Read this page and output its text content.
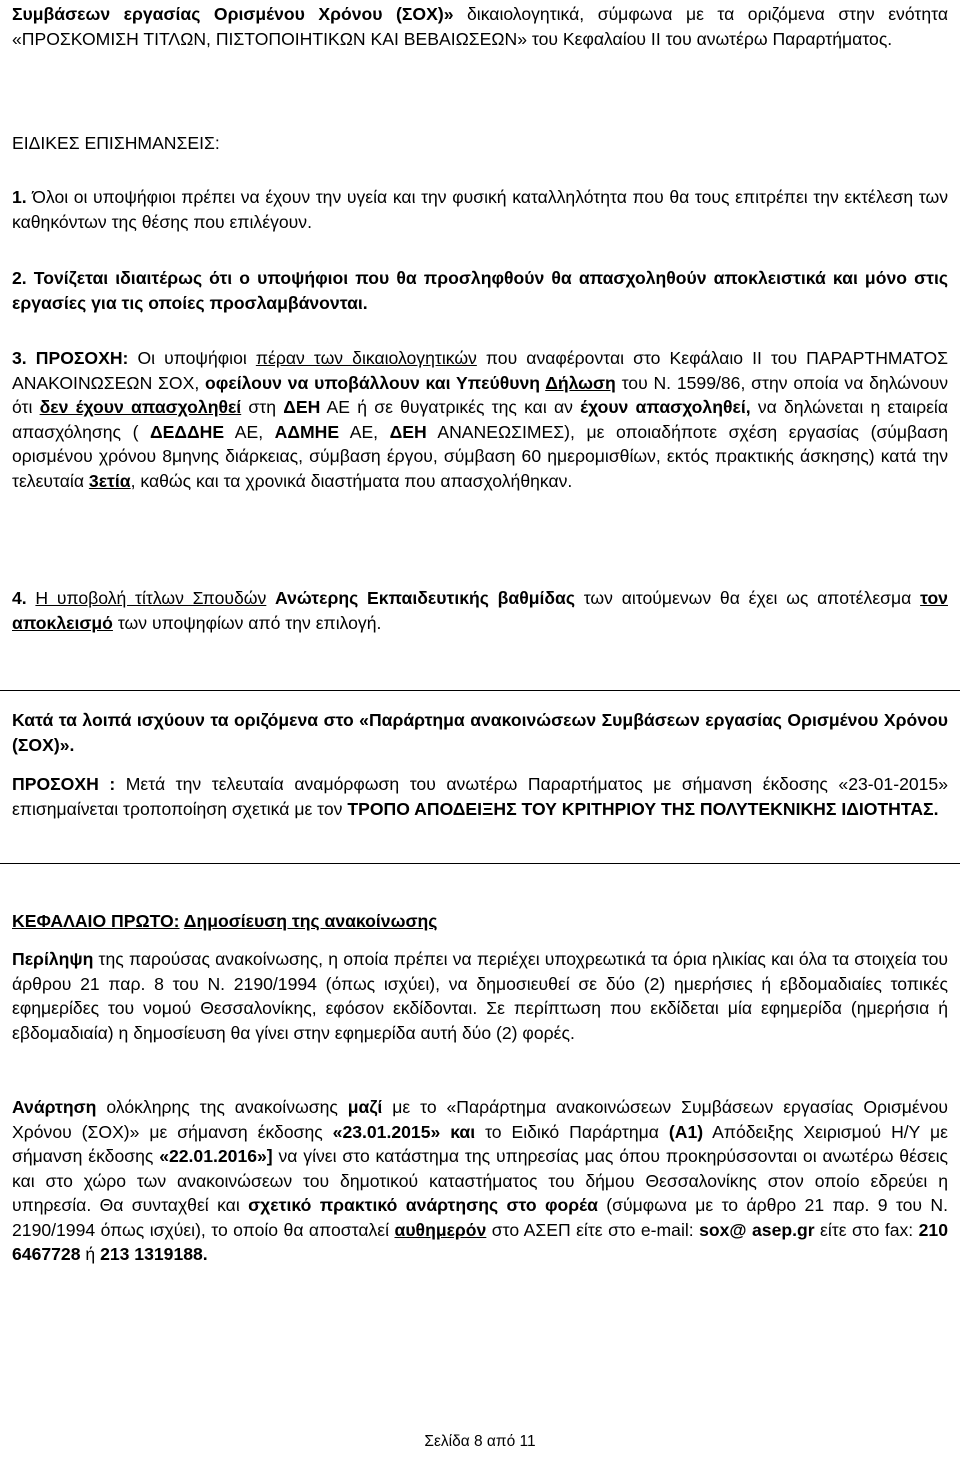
Συμβάσεων εργασίας Ορισμένου Χρόνου (ΣΟΧ)» δικαιολογητικά, σύμφωνα με τα οριζόμενα στην ενότητα «ΠΡΟΣΚΟΜΙΣΗ ΤΙΤΛΩΝ, ΠΙΣΤΟΠΟΙΗΤΙΚΩΝ ΚΑΙ ΒΕΒΑΙΩΣΕΩΝ» του Κεφαλαίου ΙΙ του ανωτέρω Παραρτήματος.

ΕΙΔΙΚΕΣ ΕΠΙΣΗΜΑΝΣΕΙΣ:

1. Όλοι οι υποψήφιοι πρέπει να έχουν την υγεία και την φυσική καταλληλότητα που θα τους επιτρέπει την εκτέλεση των καθηκόντων της θέσης που επιλέγουν.

2. Τονίζεται ιδιαιτέρως ότι ο υποψήφιοι που θα προσληφθούν θα απασχοληθούν αποκλειστικά και μόνο στις εργασίες για τις οποίες προσλαμβάνονται.

3. ΠΡΟΣΟΧΗ: Οι υποψήφιοι πέραν των δικαιολογητικών που αναφέρονται στο Κεφάλαιο ΙΙ του ΠΑΡΑΡΤΗΜΑΤΟΣ ΑΝΑΚΟΙΝΩΣΕΩΝ ΣΟΧ, οφείλουν να υποβάλλουν και Υπεύθυνη Δήλωση του Ν. 1599/86, στην οποία να δηλώνουν ότι δεν έχουν απασχοληθεί στη ΔΕΗ ΑΕ ή σε θυγατρικές της και αν έχουν απασχοληθεί, να δηλώνεται η εταιρεία απασχόλησης ( ΔΕΔΔΗΕ ΑΕ, ΑΔΜΗΕ ΑΕ, ΔΕΗ ΑΝΑΝΕΩΣΙΜΕΣ), με οποιαδήποτε σχέση εργασίας (σύμβαση ορισμένου χρόνου 8μηνης διάρκειας, σύμβαση έργου, σύμβαση 60 ημερομισθίων, εκτός πρακτικής άσκησης) κατά την τελευταία 3ετία, καθώς και τα χρονικά διαστήματα που απασχολήθηκαν.

4. Η υποβολή τίτλων Σπουδών Ανώτερης Εκπαιδευτικής βαθμίδας των αιτούμενων θα έχει ως αποτέλεσμα τον αποκλεισμό των υποψηφίων από την επιλογή.

Κατά τα λοιπά ισχύουν τα οριζόμενα στο «Παράρτημα ανακοινώσεων Συμβάσεων εργασίας Ορισμένου Χρόνου (ΣΟΧ)».

ΠΡΟΣΟΧΗ : Μετά την τελευταία αναμόρφωση του ανωτέρω Παραρτήματος με σήμανση έκδοσης «23-01-2015» επισημαίνεται τροποποίηση σχετικά με τον ΤΡΟΠΟ ΑΠΟΔΕΙΞΗΣ ΤΟΥ ΚΡΙΤΗΡΙΟΥ ΤΗΣ ΠΟΛΥΤΕΚΝΙΚΗΣ ΙΔΙΟΤΗΤΑΣ.

ΚΕΦΑΛΑΙΟ ΠΡΩΤΟ: Δημοσίευση της ανακοίνωσης

Περίληψη της παρούσας ανακοίνωσης, η οποία πρέπει να περιέχει υποχρεωτικά τα όρια ηλικίας και όλα τα στοιχεία του άρθρου 21 παρ. 8 του Ν. 2190/1994 (όπως ισχύει), να δημοσιευθεί σε δύο (2) ημερήσιες ή εβδομαδιαίες τοπικές εφημερίδες του νομού Θεσσαλονίκης, εφόσον εκδίδονται. Σε περίπτωση που εκδίδεται μία εφημερίδα (ημερήσια ή εβδομαδιαία) η δημοσίευση θα γίνει στην εφημερίδα αυτή δύο (2) φορές.

Ανάρτηση ολόκληρης της ανακοίνωσης μαζί με το «Παράρτημα ανακοινώσεων Συμβάσεων εργασίας Ορισμένου Χρόνου (ΣΟΧ)» με σήμανση έκδοσης «23.01.2015» και το Ειδικό Παράρτημα (Α1) Απόδειξης Χειρισμού Η/Υ με σήμανση έκδοσης «22.01.2016»] να γίνει στο κατάστημα της υπηρεσίας μας όπου προκηρύσσονται οι ανωτέρω θέσεις και στο χώρο των ανακοινώσεων του δημοτικού καταστήματος του δήμου Θεσσαλονίκης στον οποίο εδρεύει η υπηρεσία. Θα συνταχθεί και σχετικό πρακτικό ανάρτησης στο φορέα (σύμφωνα με το άρθρο 21 παρ. 9 του Ν. 2190/1994 όπως ισχύει), το οποίο θα αποσταλεί αυθημερόν στο ΑΣΕΠ είτε στο e-mail: sox@ asep.gr είτε στο fax: 210 6467728 ή 213 1319188.

Σελίδα 8 από 11
